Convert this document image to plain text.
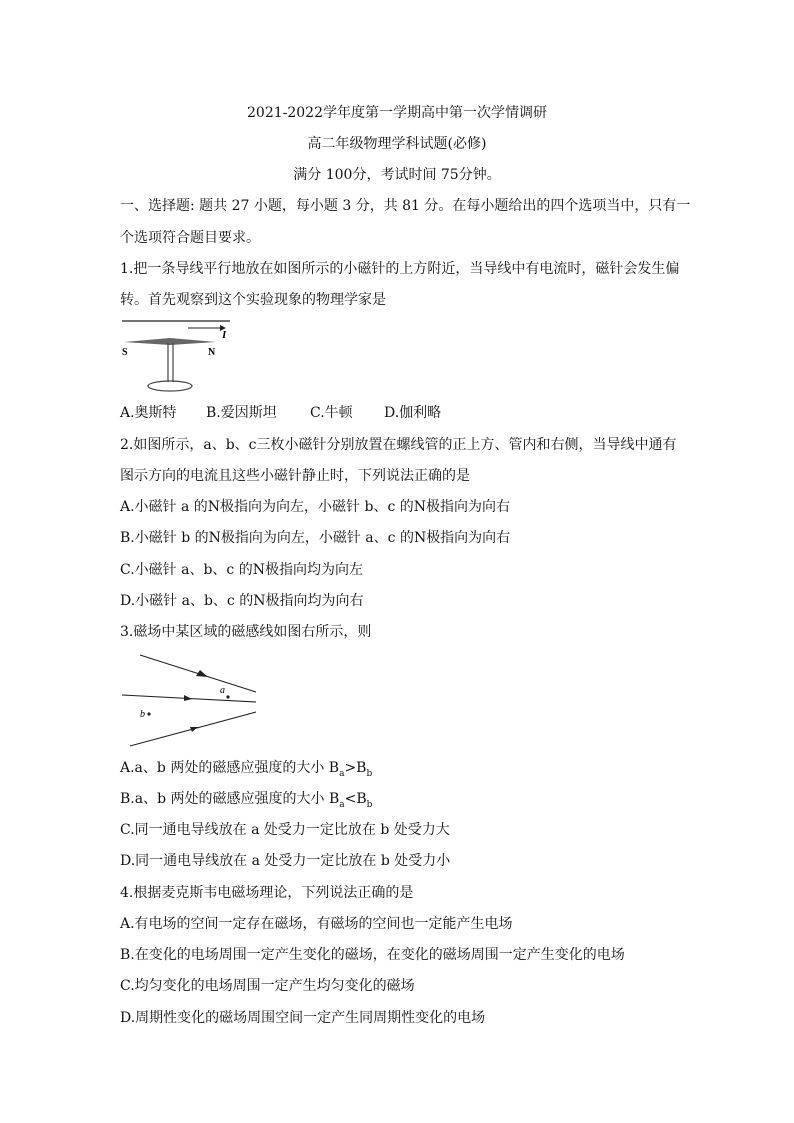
2021-2022学年度第一学期高中第一次学情调研
高二年级物理学科试题(必修)
满分 100分，考试时间 75分钟。
一、选择题: 题共 27 小题，每小题 3 分，共 81 分。在每小题给出的四个选项当中，只有一
个选项符合题目要求。
1.把一条导线平行地放在如图所示的小磁针的上方附近，当导线中有电流时，磁针会发生偏
转。首先观察到这个实验现象的物理学家是
I
S	N
A.奥斯特 B.爱因斯坦 C.牛顿 D.伽利略
2.如图所示，a、b、c三枚小磁针分别放置在螺线管的正上方、管内和右侧，当导线中通有
图示方向的电流且这些小磁针静止时，下列说法正确的是
A.小磁针 a 的N极指向为向左，小磁针 b、c 的N极指向为向右
B.小磁针 b 的N极指向为向左，小磁针 a、c 的N极指向为向右
C.小磁针 a、b、c 的N极指向均为向左
D.小磁针 a、b、c 的N极指向均为向右
3.磁场中某区域的磁感线如图右所示，则
a
b
A.a、b 两处的磁感应强度的大小 $B_a>B_b$
B.a、b 两处的磁感应强度的大小 $B_a<B_b$
C.同一通电导线放在 a 处受力一定比放在 b 处受力大
D.同一通电导线放在 a 处受力一定比放在 b 处受力小
4.根据麦克斯韦电磁场理论，下列说法正确的是
A.有电场的空间一定存在磁场，有磁场的空间也一定能产生电场
B.在变化的电场周围一定产生变化的磁场，在变化的磁场周围一定产生变化的电场
C.均匀变化的电场周围一定产生均匀变化的磁场
D.周期性变化的磁场周围空间一定产生同周期性变化的电场
